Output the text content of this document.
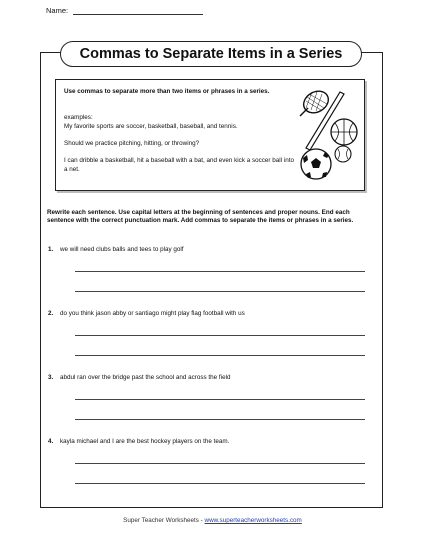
Name:
Commas to Separate Items in a Series

Use commas to separate more than two items or phrases in a series.

examples:

My favorite sports are soccer, basketball, baseball, and tennis.

Should we practice pitching, hitting, or throwing?

I can dribble a basketball, hit a baseball with a bat, and even kick a soccer ball into a net.

Rewrite each sentence. Use capital letters at the beginning of sentences and proper nouns. End each sentence with the correct punctuation mark. Add commas to separate the items or phrases in a series.

1. we will need clubs balls and tees to play golf
2. do you think jason abby or santiago might play flag football with us
3. abdul ran over the bridge past the school and across the field
4. kayla michael and I are the best hockey players on the team.
Super Teacher Worksheets - www.superteacherworksheets.com
